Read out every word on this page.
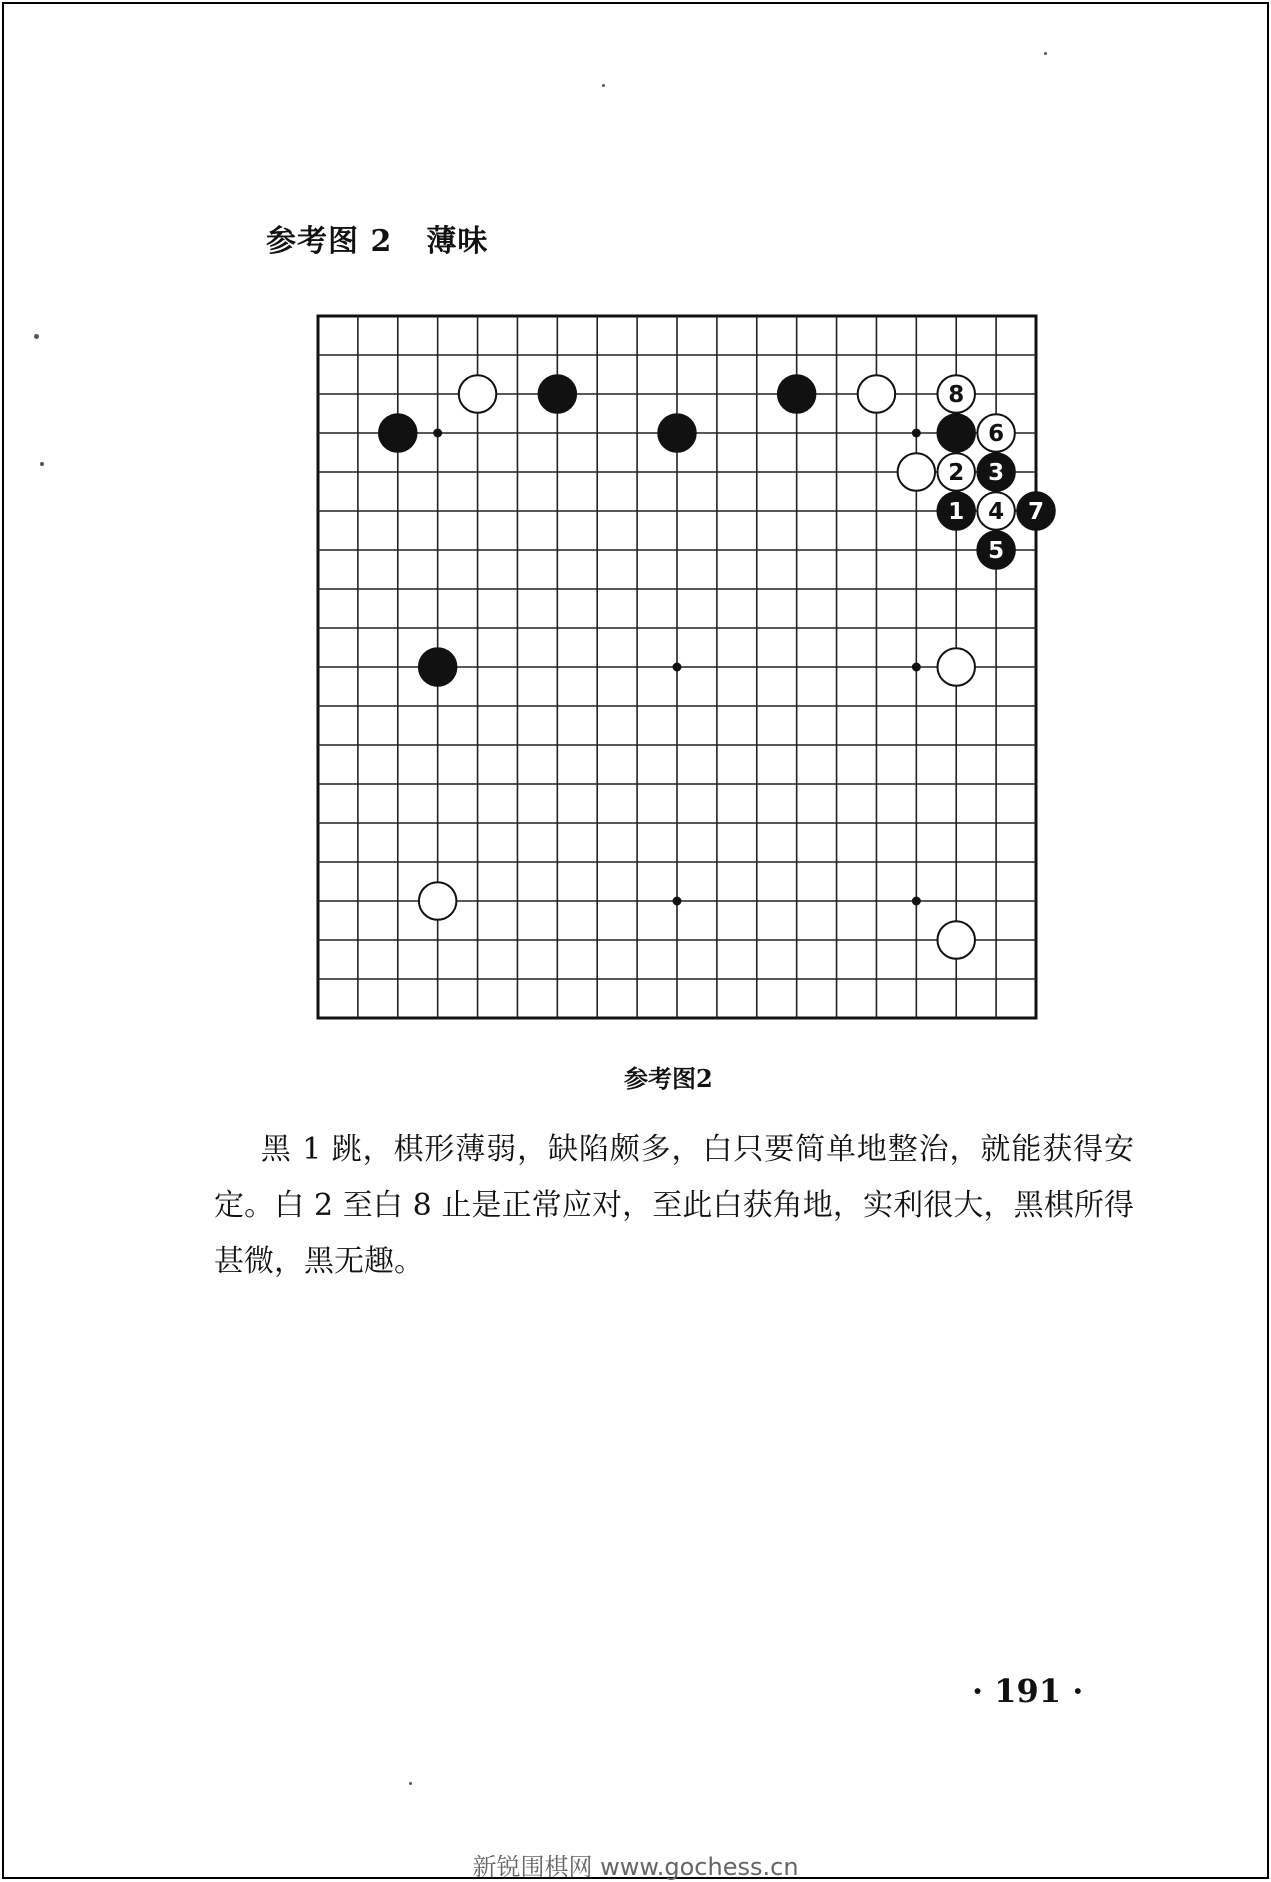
参考图 2 薄味
1
2 3
4
5
6
7
8
参考图2
黑 1 跳，棋形薄弱，缺陷颇多，白只要简单地整治，就能获得安定。白 2 至白 8 止是正常应对，至此白获角地，实利很大，黑棋所得甚微，黑无趣。
· 191 ·
新锐围棋网 www.gochess.cn
